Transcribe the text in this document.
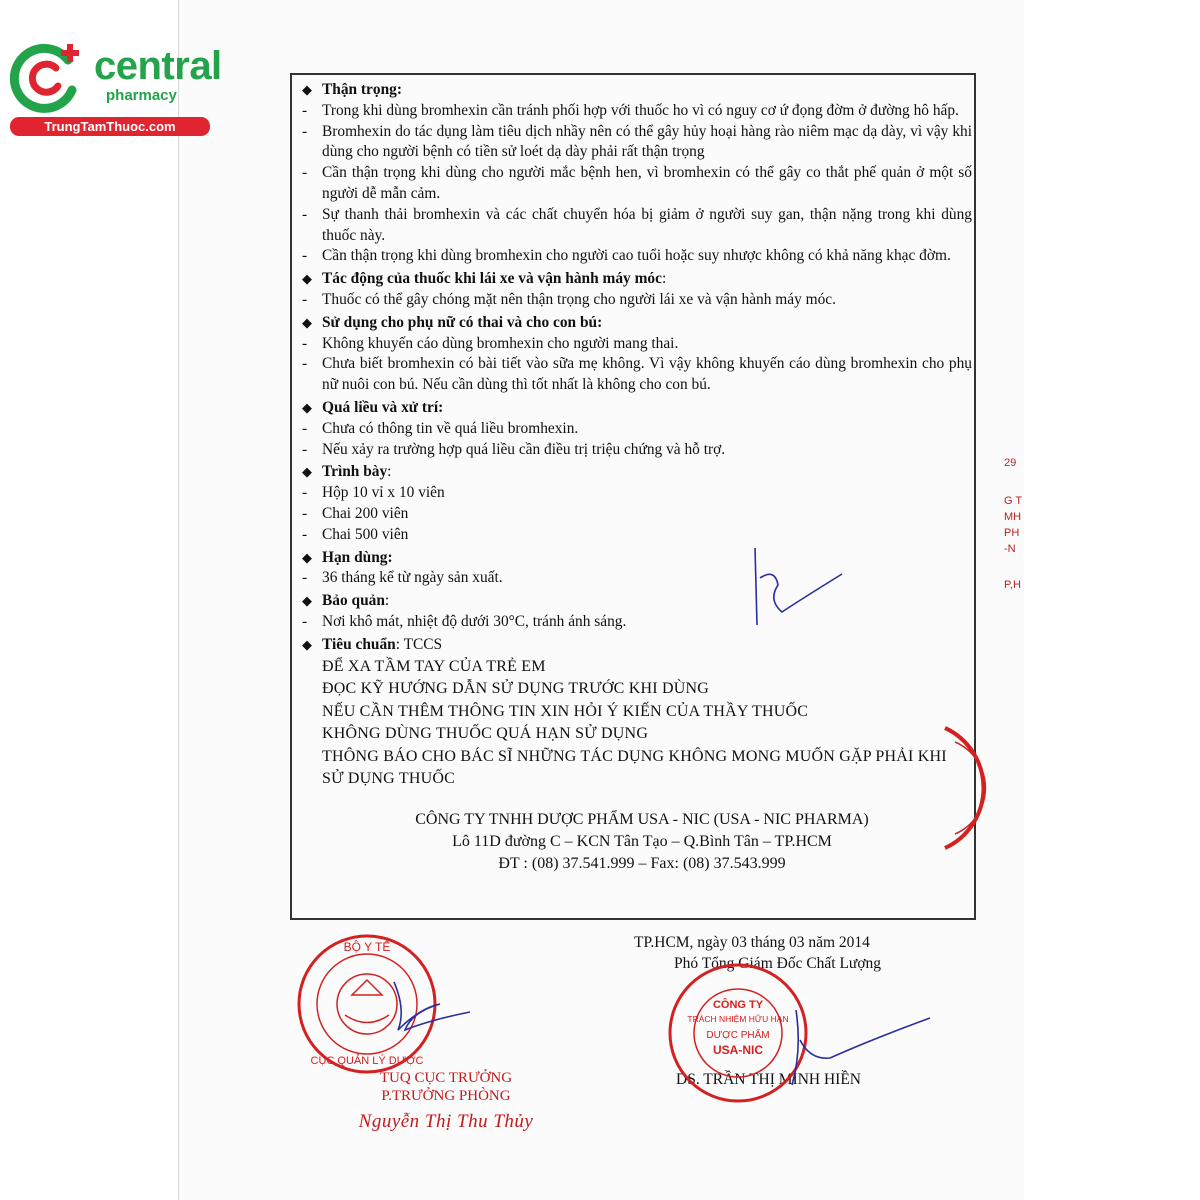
29
G T
MH
PH
-N
P,H
central
pharmacy
TrungTamThuoc.com
◆ Thận trọng:
- Trong khi dùng bromhexin cần tránh phối hợp với thuốc ho vì có nguy cơ ứ đọng đờm ở đường hô hấp.
- Bromhexin do tác dụng làm tiêu dịch nhầy nên có thể gây hủy hoại hàng rào niêm mạc dạ dày, vì vậy khi dùng cho người bệnh có tiền sử loét dạ dày phải rất thận trọng
- Cần thận trọng khi dùng cho người mắc bệnh hen, vì bromhexin có thể gây co thắt phế quản ở một số người dễ mẫn cảm.
- Sự thanh thải bromhexin và các chất chuyển hóa bị giảm ở người suy gan, thận nặng trong khi dùng thuốc này.
- Cần thận trọng khi dùng bromhexin cho người cao tuổi hoặc suy nhược không có khả năng khạc đờm.
◆ Tác động của thuốc khi lái xe và vận hành máy móc:
- Thuốc có thể gây chóng mặt nên thận trọng cho người lái xe và vận hành máy móc.
◆ Sử dụng cho phụ nữ có thai và cho con bú:
- Không khuyến cáo dùng bromhexin cho người mang thai.
- Chưa biết bromhexin có bài tiết vào sữa mẹ không. Vì vậy không khuyến cáo dùng bromhexin cho phụ nữ nuôi con bú. Nếu cần dùng thì tốt nhất là không cho con bú.
◆ Quá liều và xử trí:
- Chưa có thông tin về quá liều bromhexin.
- Nếu xảy ra trường hợp quá liều cần điều trị triệu chứng và hỗ trợ.
◆ Trình bày:
- Hộp 10 vỉ x 10 viên
- Chai 200 viên
- Chai 500 viên
◆ Hạn dùng:
- 36 tháng kể từ ngày sản xuất.
◆ Bảo quản:
- Nơi khô mát, nhiệt độ dưới 30°C, tránh ánh sáng.
◆ Tiêu chuẩn: TCCS
ĐỂ XA TẦM TAY CỦA TRẺ EM
ĐỌC KỸ HƯỚNG DẪN SỬ DỤNG TRƯỚC KHI DÙNG
NẾU CẦN THÊM THÔNG TIN XIN HỎI Ý KIẾN CỦA THẦY THUỐC
KHÔNG DÙNG THUỐC QUÁ HẠN SỬ DỤNG
THÔNG BÁO CHO BÁC SĨ NHỮNG TÁC DỤNG KHÔNG MONG MUỐN GẶP PHẢI KHI SỬ DỤNG THUỐC
CÔNG TY TNHH DƯỢC PHẨM USA - NIC (USA - NIC PHARMA)
Lô 11D đường C – KCN Tân Tạo – Q.Bình Tân – TP.HCM
ĐT : (08) 37.541.999 – Fax: (08) 37.543.999
TP.HCM, ngày 03 tháng 03 năm 2014
Phó Tổng Giám Đốc Chất Lượng
DS. TRẦN THỊ MINH HIỀN
TUQ CỤC TRƯỞNG
P.TRƯỞNG PHÒNG
Nguyễn Thị Thu Thủy
BỘ Y TẾ
CỤC QUẢN LÝ DƯỢC
CÔNG TY
TRÁCH NHIỆM HỮU HẠN
DƯỢC PHẨM
USA-NIC
